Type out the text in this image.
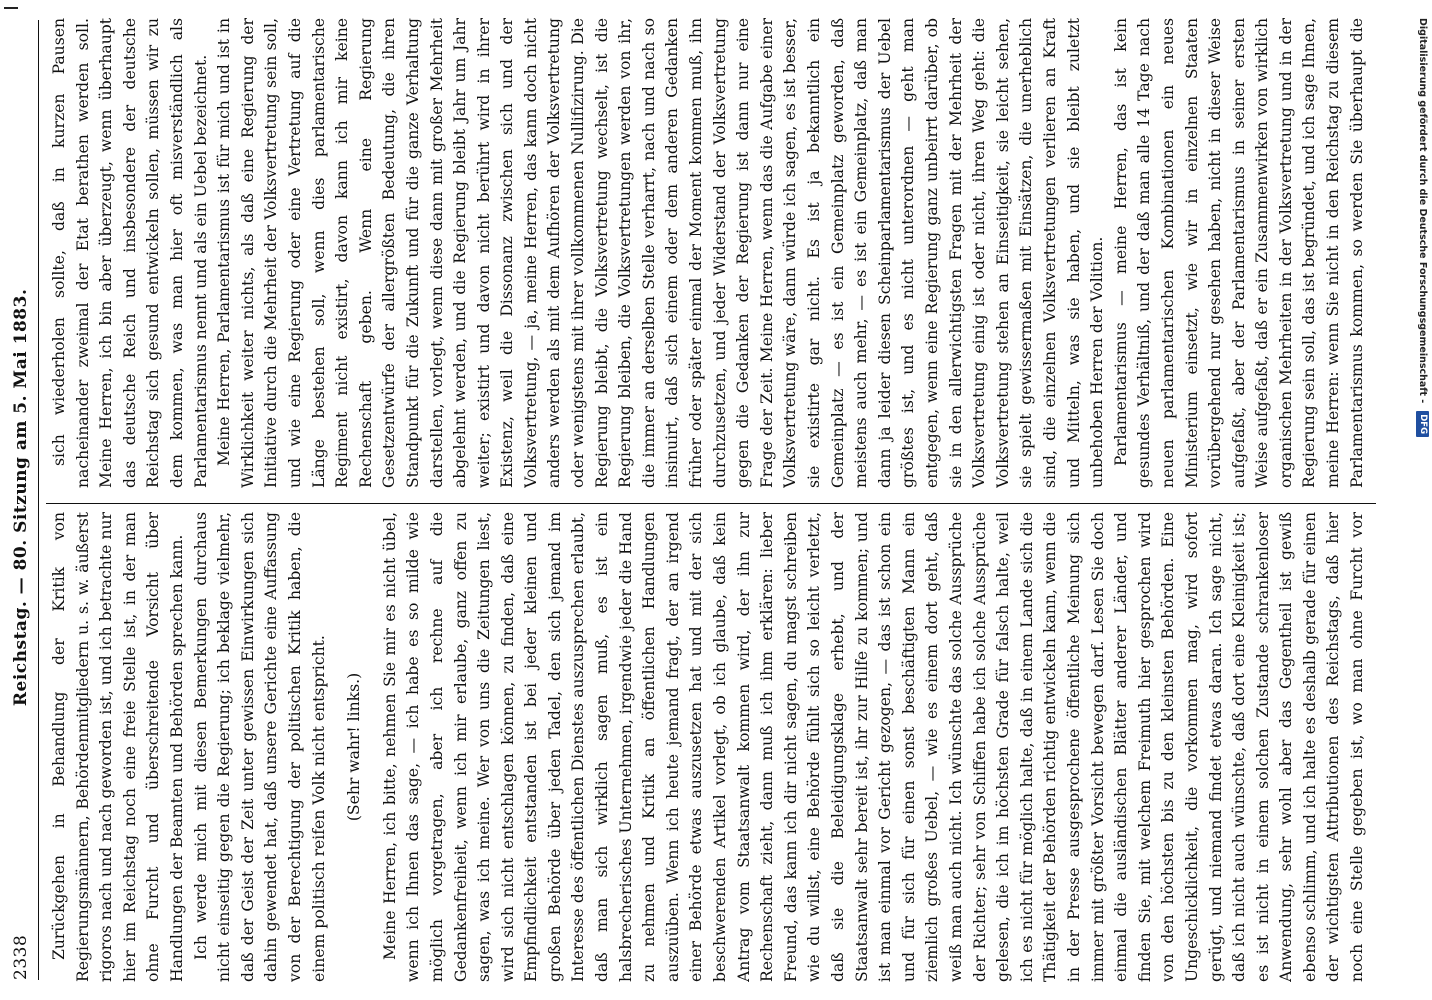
2338
Reichstag. — 80. Sitzung am 5. Mai 1883.

Zurückgehen in Behandlung der Kritik von Regierungsmännern, Behördenmitgliedern u. s. w. äußerst rigoros nach und nach geworden ist, und ich betrachte nur hier im Reichstag noch eine freie Stelle ist, in der man ohne Furcht und überschreitende Vorsicht über Handlungen der Beamten und Behörden sprechen kann. Ich werde mich mit diesen Bemerkungen durchaus nicht einseitig gegen die Regierung; ich beklage vielmehr, daß der Geist der Zeit unter gewissen Einwirkungen sich dahin gewendet hat, daß unsere Gerichte eine Auffassung von der Berechtigung der politischen Kritik haben, die einem politisch reifen Volk nicht entspricht. (Sehr wahr! links.)

Meine Herren, ich bitte, nehmen Sie mir es nicht übel, wenn ich Ihnen das sage, — ich habe es so milde wie möglich vorgetragen, aber ich rechne auf die Gedankenfreiheit, wenn ich mir erlaube, ganz offen zu sagen, was ich meine. Wer von uns die Zeitungen liest, wird sich nicht entschlagen können, zu finden, daß eine Empfindlichkeit entstanden ist bei jeder kleinen und großen Behörde über jeden Tadel, den sich jemand im Interesse des öffentlichen Dienstes auszusprechen erlaubt, daß man sich wirklich sagen muß, es ist ein halsbrecherisches Unternehmen, irgendwie jeder die Hand zu nehmen und Kritik an öffentlichen Handlungen auszuüben. Wenn ich heute jemand fragt, der an irgend einer Behörde etwas auszusetzen hat und mit der sich beschwerenden Artikel vorlegt, ob ich glaube, daß kein Antrag vom Staatsanwalt kommen wird, der ihn zur Rechenschaft zieht, dann muß ich ihm erklären: lieber Freund, das kann ich dir nicht sagen, du magst schreiben wie du willst, eine Behörde fühlt sich so leicht verletzt, daß sie die Beleidigungsklage erhebt, und der Staatsanwalt sehr bereit ist, ihr zur Hilfe zu kommen; und ist man einmal vor Gericht gezogen, — das ist schon ein und für sich für einen sonst beschäftigten Mann ein ziemlich großes Uebel, — wie es einem dort geht, daß weiß man auch nicht. Ich wünschte das solche Aussprüche der Richter; sehr von Schiffen habe ich solche Aussprüche gelesen, die ich im höchsten Grade für falsch halte, weil ich es nicht für möglich halte, daß in einem Lande sich die Thätigkeit der Behörden richtig entwickeln kann, wenn die in der Presse ausgesprochene öffentliche Meinung sich immer mit größter Vorsicht bewegen darf. Lesen Sie doch einmal die ausländischen Blätter anderer Länder, und finden Sie, mit welchem Freimuth hier gesprochen wird von den höchsten bis zu den kleinsten Behörden. Eine Ungeschicklichkeit, die vorkommen mag, wird sofort gerügt, und niemand findet etwas daran. Ich sage nicht, daß ich nicht auch wünschte, daß dort eine Kleinigkeit ist; es ist nicht in einem solchen Zustande schrankenloser Anwendung, sehr wohl aber das Gegentheil ist gewiß ebenso schlimm, und ich halte es deshalb gerade für einen der wichtigsten Attributionen des Reichstags, daß hier noch eine Stelle gegeben ist, wo man ohne Furcht vor

sich wiederholen sollte, daß in kurzen Pausen nacheinander zweimal der Etat berathen werden soll. Meine Herren, ich bin aber überzeugt, wenn überhaupt das deutsche Reich und insbesondere der deutsche Reichstag sich gesund entwickeln sollen, müssen wir zu dem kommen, was man hier oft misverständlich als Parlamentarismus nennt und als ein Uebel bezeichnet. Meine Herren, Parlamentarismus ist für mich und ist in Wirklichkeit weiter nichts, als daß eine Regierung der Initiative durch die Mehrheit der Volksvertretung sein soll, und wie eine Regierung oder eine Vertretung auf die Länge bestehen soll, wenn dies parlamentarische Regiment nicht existirt, davon kann ich mir keine Rechenschaft geben. Wenn eine Regierung Gesetzentwürfe der allergrößten Bedeutung, die ihren Standpunkt für die Zukunft und für die ganze Verhaltung darstellen, vorlegt, wenn diese dann mit großer Mehrheit abgelehnt werden, und die Regierung bleibt Jahr um Jahr weiter; existirt und davon nicht berührt wird in ihrer Existenz, weil die Dissonanz zwischen sich und der Volksvertretung, — ja, meine Herren, das kann doch nicht anders werden als mit dem Aufhören der Volksvertretung oder wenigstens mit ihrer vollkommenen Nullifizirung. Die Regierung bleibt, die Volksvertretung wechselt, ist die Regierung bleiben, die Volksvertretungen werden von ihr, die immer an derselben Stelle verharrt, nach und nach so insinuirt, daß sich einem oder dem anderen Gedanken früher oder später einmal der Moment kommen muß, ihn durchzusetzen, und jeder Widerstand der Volksvertretung gegen die Gedanken der Regierung ist dann nur eine Frage der Zeit. Meine Herren, wenn das die Aufgabe einer Volksvertretung wäre, dann würde ich sagen, es ist besser, sie existirte gar nicht. Es ist ja bekanntlich ein Gemeinplatz — es ist ein Gemeinplatz geworden, daß meistens auch mehr, — es ist ein Gemeinplatz, daß man dann ja leider diesen Scheinparlamentarismus der Uebel größtes ist, und es nicht unterordnen — geht man entgegen, wenn eine Regierung ganz unbeirrt darüber, ob sie in den allerwichtigsten Fragen mit der Mehrheit der Volksvertretung einig ist oder nicht, ihren Weg geht: die Volksvertretung stehen an Einseitigkeit, sie leicht sehen, sie spielt gewissermaßen mit Einsätzen, die unerheblich sind, die einzelnen Volksvertretungen verlieren an Kraft und Mitteln, was sie haben, und sie bleibt zuletzt unbehoben Herren der Volition. Parlamentarismus — meine Herren, das ist kein gesundes Verhältniß, und der daß man alle 14 Tage nach neuen parlamentarischen Kombinationen ein neues Ministerium einsetzt, wie wir in einzelnen Staaten vorübergehend nur gesehen haben, nicht in dieser Weise aufgefaßt, aber der Parlamentarismus in seiner ersten Weise aufgefaßt, daß er ein Zusammenwirken von wirklich organischen Mehrheiten in der Volksvertretung und in der Regierung sein soll, das ist begründet, und ich sage Ihnen, meine Herren: wenn Sie nicht in den Reichstag zu diesem Parlamentarismus kommen, so werden Sie überhaupt die	Digitalisierung gefördert durch die Deutsche Forschungsgemeinschaft -
DFG
